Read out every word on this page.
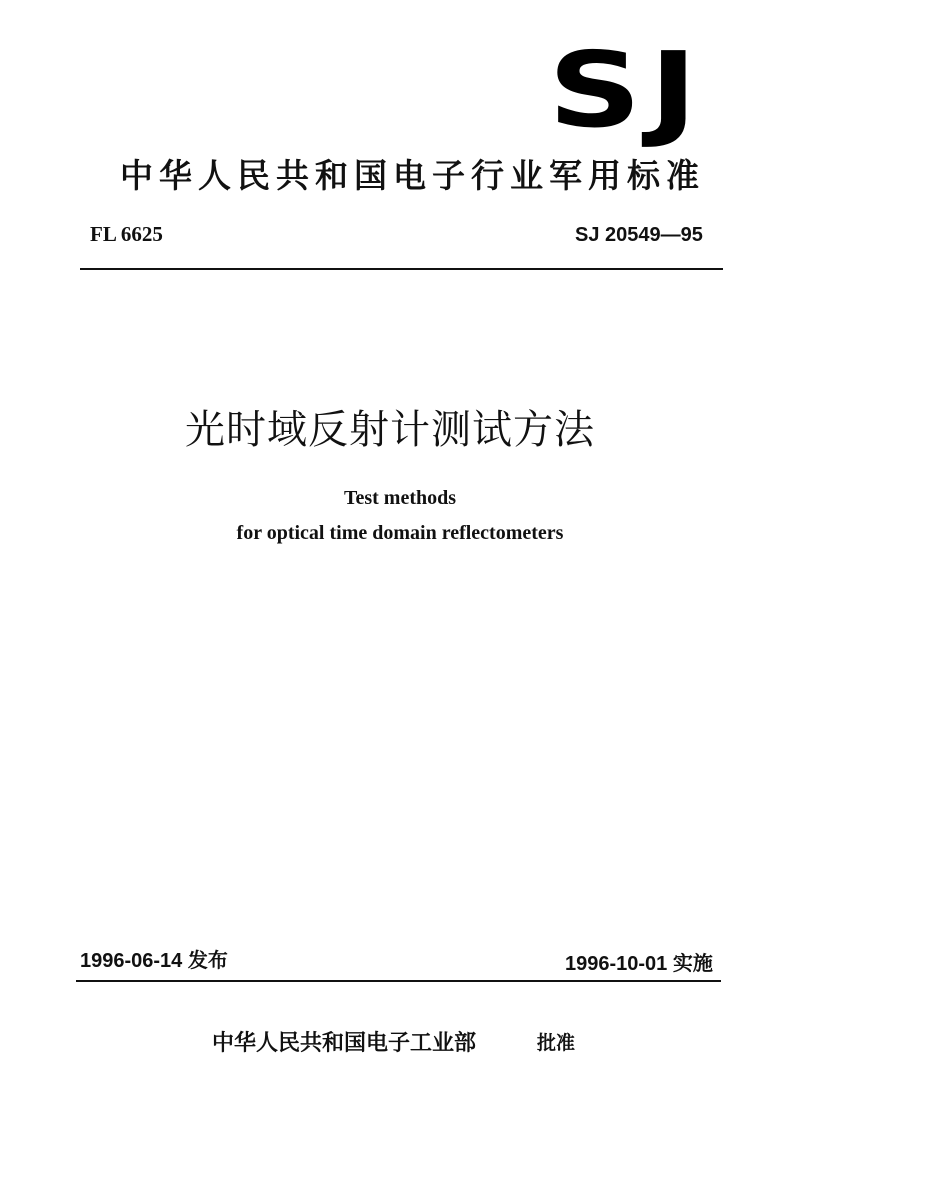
SJ
中华人民共和国电子行业军用标准
FL 6625	SJ 20549—95
光时域反射计测试方法
Test methods
for optical time domain reflectometers
1996-06-14 发布	1996-10-01 实施
中华人民共和国电子工业部	批准
